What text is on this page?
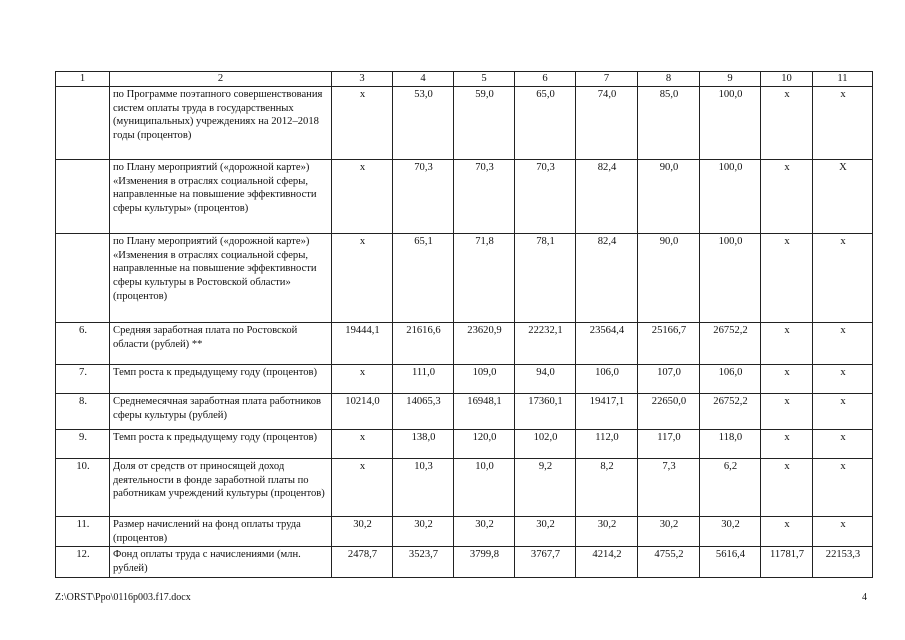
1	2	3	4	5	6	7	8	9	10	11
	по Программе поэтапного совершенствования систем оплаты труда в государственных (муниципальных) учреждениях на 2012–2018 годы (процентов)	х	53,0	59,0	65,0	74,0	85,0	100,0	х	х
	по Плану мероприятий («дорожной карте») «Изменения в отраслях социальной сферы, направленные на повышение эффективности сферы культуры» (процентов)	х	70,3	70,3	70,3	82,4	90,0	100,0	х	Х
	по Плану мероприятий («дорожной карте») «Изменения в отраслях социальной сферы, направленные на повышение эффективности сферы культуры в Ростовской области» (процентов)	х	65,1	71,8	78,1	82,4	90,0	100,0	х	х
6.	Средняя заработная плата по Ростовской области (рублей) **	19444,1	21616,6	23620,9	22232,1	23564,4	25166,7	26752,2	х	х
7.	Темп роста к предыдущему году (процентов)	х	111,0	109,0	94,0	106,0	107,0	106,0	х	х
8.	Среднемесячная заработная плата работников сферы культуры (рублей)	10214,0	14065,3	16948,1	17360,1	19417,1	22650,0	26752,2	х	х
9.	Темп роста к предыдущему году (процентов)	х	138,0	120,0	102,0	112,0	117,0	118,0	х	х
10.	Доля от средств от приносящей доход деятельности в фонде заработной платы по работникам учреждений культуры (процентов)	х	10,3	10,0	9,2	8,2	7,3	6,2	х	х
11.	Размер начислений на фонд оплаты труда (процентов)	30,2	30,2	30,2	30,2	30,2	30,2	30,2	х	х
12.	Фонд оплаты труда с начислениями (млн. рублей)	2478,7	3523,7	3799,8	3767,7	4214,2	4755,2	5616,4	11781,7	22153,3
Z:\ORST\Ppo\0116p003.f17.docx	4
